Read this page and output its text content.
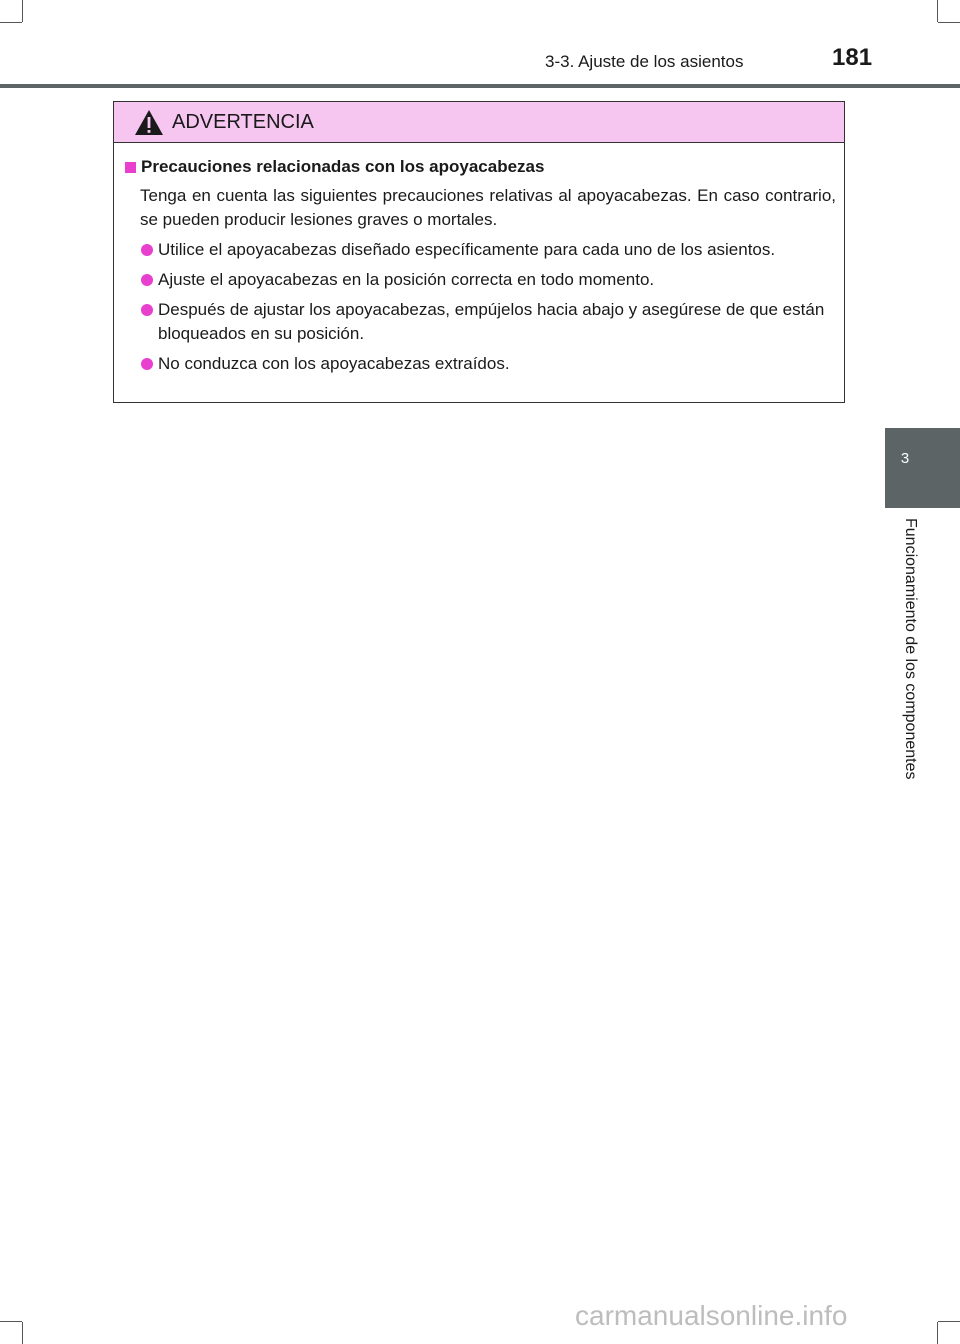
3-3. Ajuste de los asientos	181
3
Funcionamiento de los componentes
ADVERTENCIA
Precauciones relacionadas con los apoyacabezas

Tenga en cuenta las siguientes precauciones relativas al apoyacabezas. En caso contrario, se pueden producir lesiones graves o mortales.

Utilice el apoyacabezas diseñado específicamente para cada uno de los asientos.
Ajuste el apoyacabezas en la posición correcta en todo momento.
Después de ajustar los apoyacabezas, empújelos hacia abajo y asegúrese de que están bloqueados en su posición.
No conduzca con los apoyacabezas extraídos.
carmanualsonline.info
